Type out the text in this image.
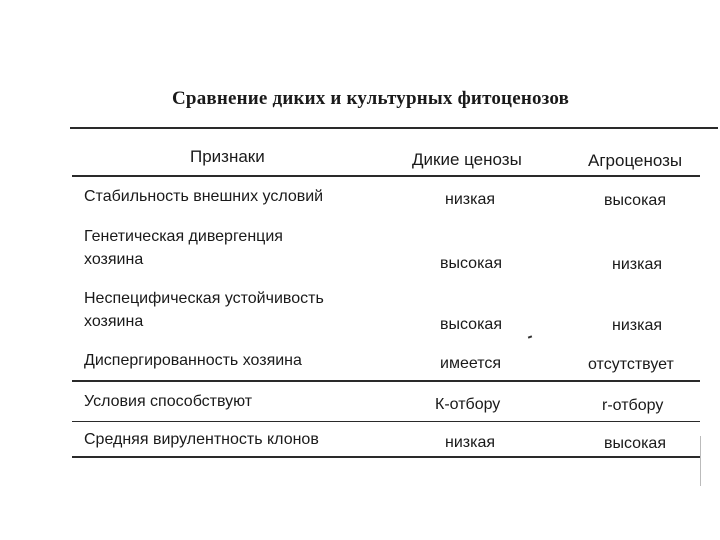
Сравнение диких и культурных фитоценозов
Признаки	Дикие ценозы	Агроценозы
Стабильность внешних условий	низкая	высокая
Генетическая дивергенция
хозяина	высокая	низкая
Неспецифическая устойчивость
хозяина	высокая	низкая
Диспергированность хозяина	имеется	отсутствует
Условия способствуют	К-отбору	r-отбору
Средняя вирулентность клонов	низкая	высокая
